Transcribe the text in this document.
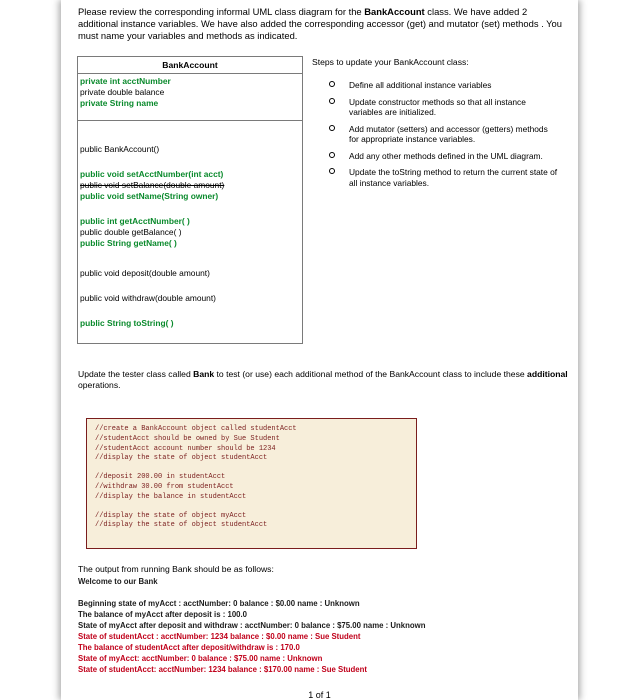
Please review the corresponding informal UML class diagram for the BankAccount class. We have added 2 additional instance variables. We have also added the corresponding accessor (get) and mutator (set) methods . You must name your variables and methods as indicated.
BankAccount
private int acctNumber
private double balance
private String name
public BankAccount()
public void setAcctNumber(int acct)
public void setBalance(double amount)
public void setName(String owner)
public int getAcctNumber( )
public double getBalance( )
public String getName( )
public void deposit(double amount)
public void withdraw(double amount)
public String toString( )
Steps to update your BankAccount class:
Define all additional instance variables
Update constructor methods so that all instance variables are initialized.
Add mutator (setters) and accessor (getters) methods for appropriate instance variables.
Add any other methods defined in the UML diagram.
Update the toString method to return the current state of all instance variables.
Update the tester class called Bank to test (or use) each additional method of the BankAccount class to include these additional operations.
//create a BankAccount object called studentAcct
//studentAcct should be owned by Sue Student
//studentAcct account number should be 1234
//display the state of object studentAcct
//deposit 200.00 in studentAcct
//withdraw 30.00 from studentAcct
//display the balance in studentAcct
//display the state of object myAcct
//display the state of object studentAcct
The output from running Bank should be as follows:
Welcome to our Bank
Beginning state of myAcct : acctNumber: 0 balance : $0.00 name : Unknown
The balance of myAcct after deposit is : 100.0
State of myAcct after deposit and withdraw : acctNumber: 0 balance : $75.00 name : Unknown
State of studentAcct : acctNumber: 1234 balance : $0.00 name : Sue Student
The balance of studentAcct after deposit/withdraw is : 170.0
State of myAcct: acctNumber: 0 balance : $75.00 name : Unknown
State of studentAcct: acctNumber: 1234 balance : $170.00 name : Sue Student
1 of 1
